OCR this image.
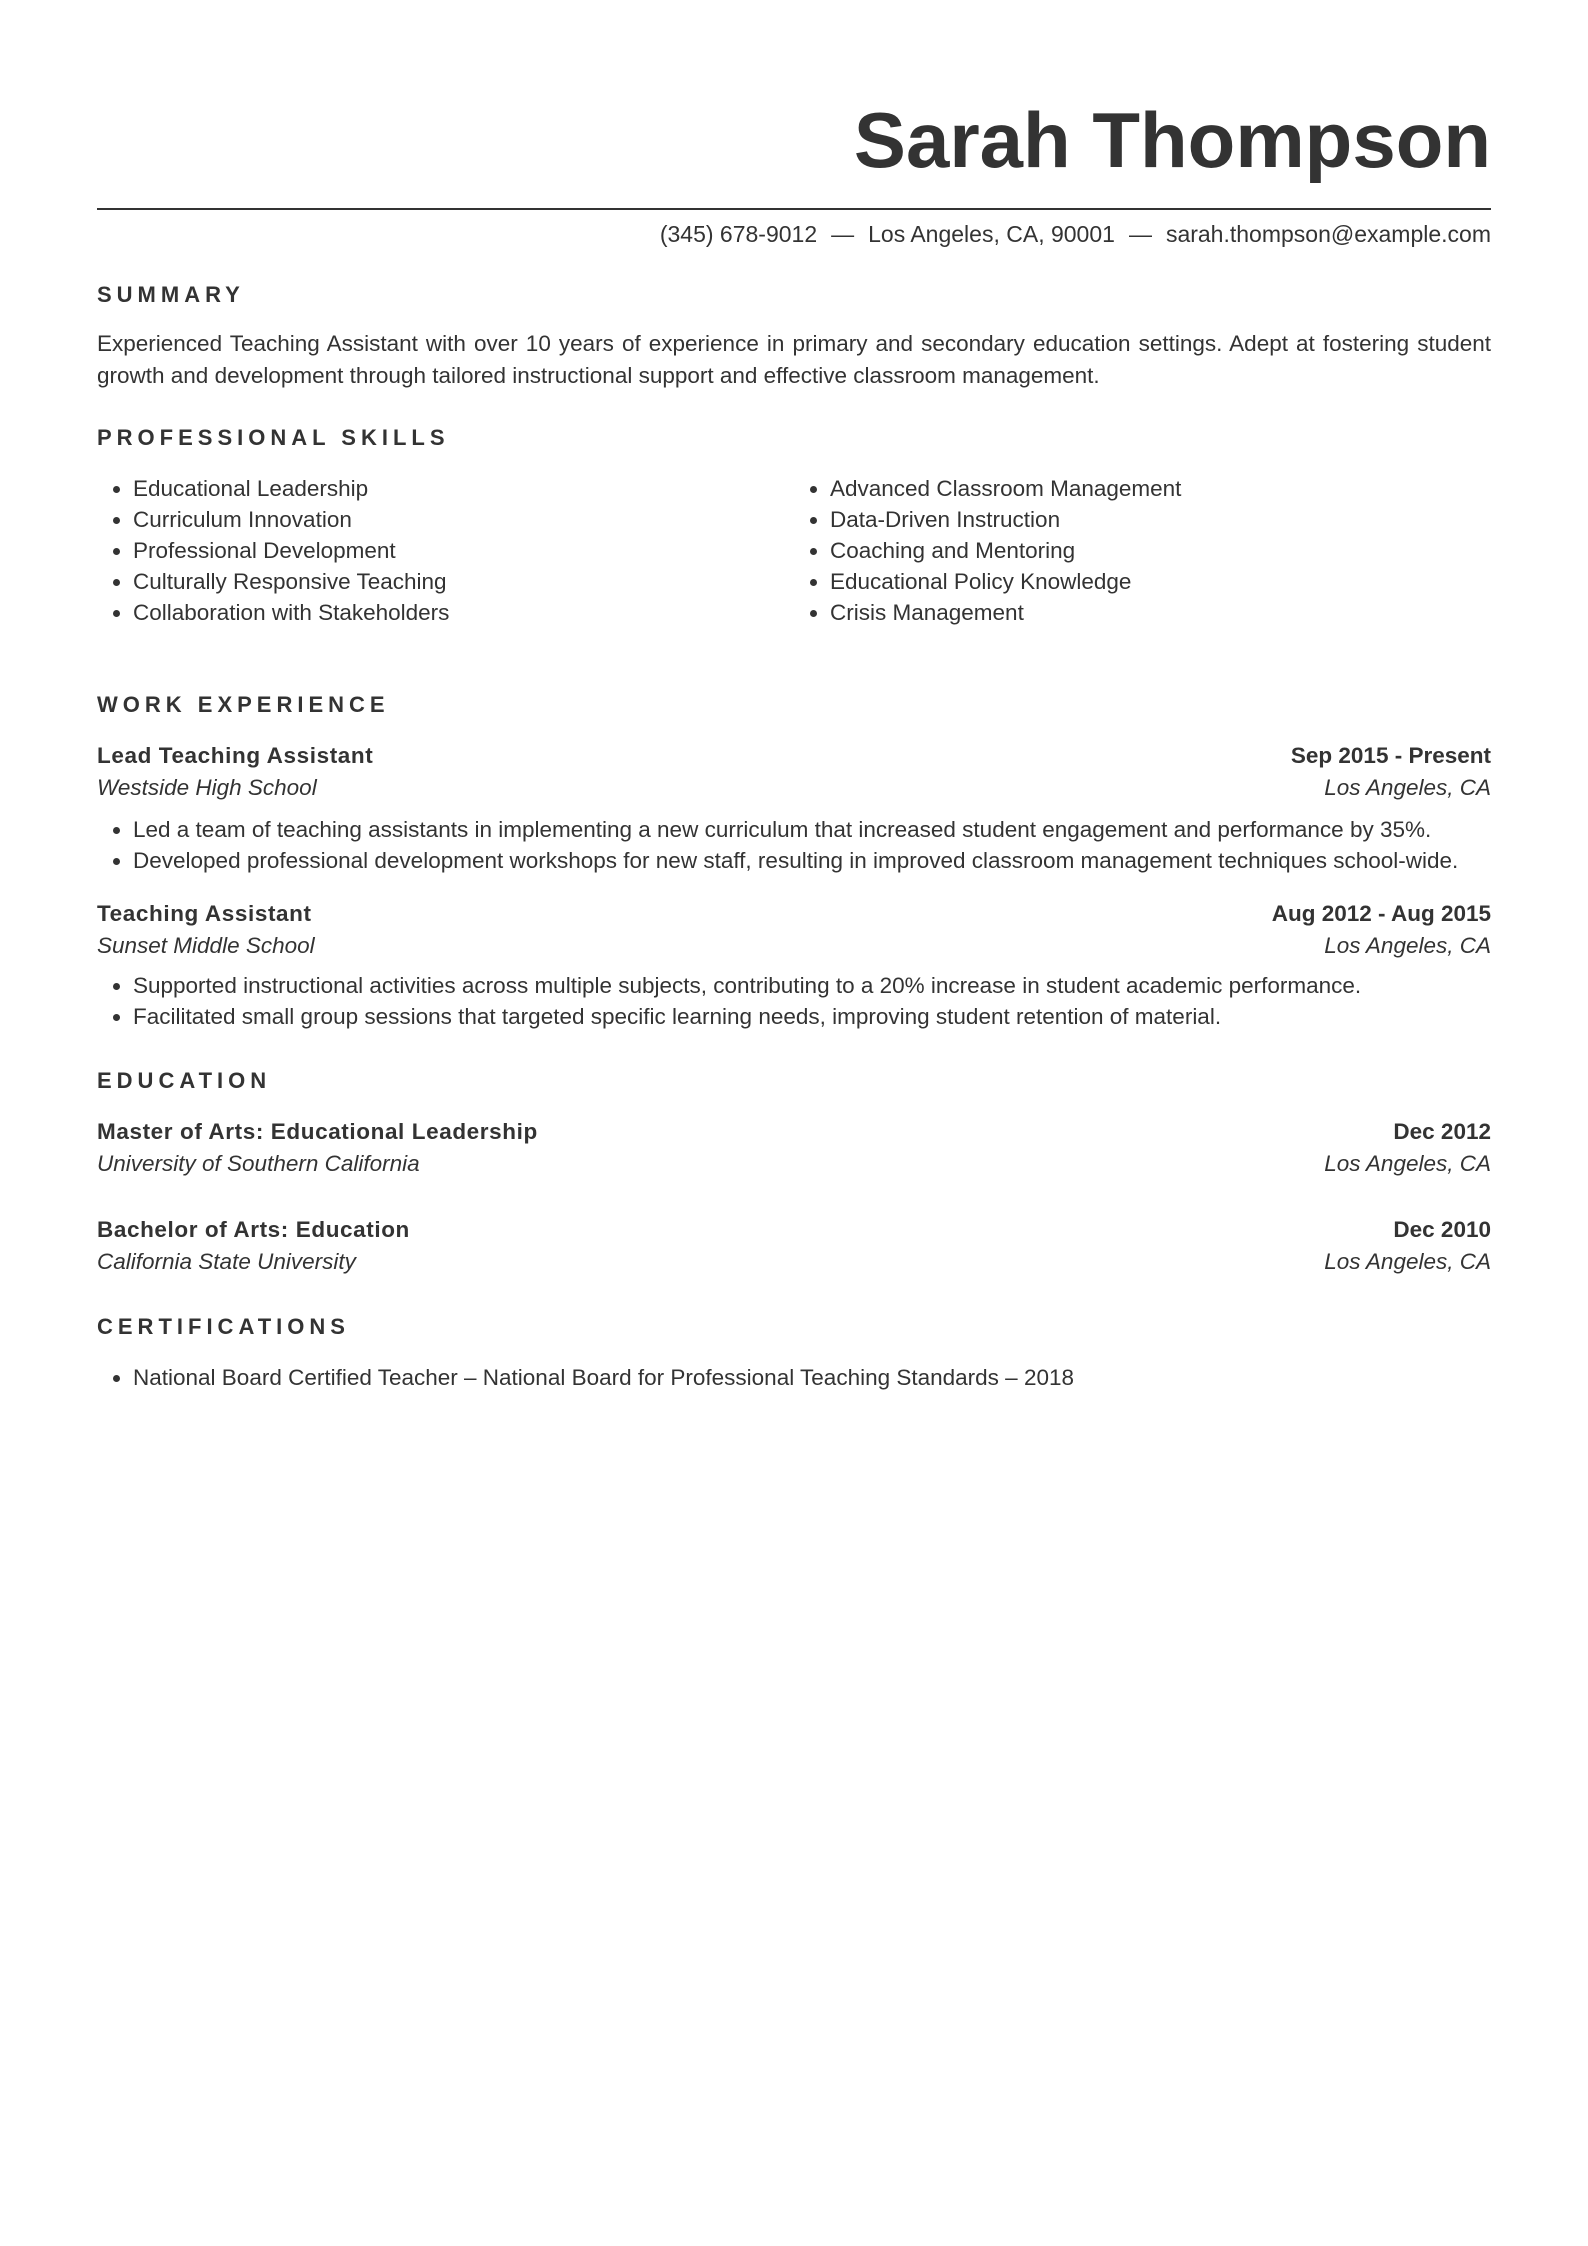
Sarah Thompson
(345) 678-9012 — Los Angeles, CA, 90001 — sarah.thompson@example.com
SUMMARY

Experienced Teaching Assistant with over 10 years of experience in primary and secondary education settings. Adept at fostering student growth and development through tailored instructional support and effective classroom management.

PROFESSIONAL SKILLS
• Educational Leadership
• Curriculum Innovation
• Professional Development
• Culturally Responsive Teaching
• Collaboration with Stakeholders
• Advanced Classroom Management
• Data-Driven Instruction
• Coaching and Mentoring
• Educational Policy Knowledge
• Crisis Management
WORK EXPERIENCE
Lead Teaching Assistant	Sep 2015 - Present
Westside High School	Los Angeles, CA
• Led a team of teaching assistants in implementing a new curriculum that increased student engagement and performance by 35%.
• Developed professional development workshops for new staff, resulting in improved classroom management techniques school-wide.
Teaching Assistant	Aug 2012 - Aug 2015
Sunset Middle School	Los Angeles, CA
• Supported instructional activities across multiple subjects, contributing to a 20% increase in student academic performance.
• Facilitated small group sessions that targeted specific learning needs, improving student retention of material.
EDUCATION
Master of Arts: Educational Leadership	Dec 2012
University of Southern California	Los Angeles, CA
Bachelor of Arts: Education	Dec 2010
California State University	Los Angeles, CA
CERTIFICATIONS
• National Board Certified Teacher – National Board for Professional Teaching Standards – 2018
